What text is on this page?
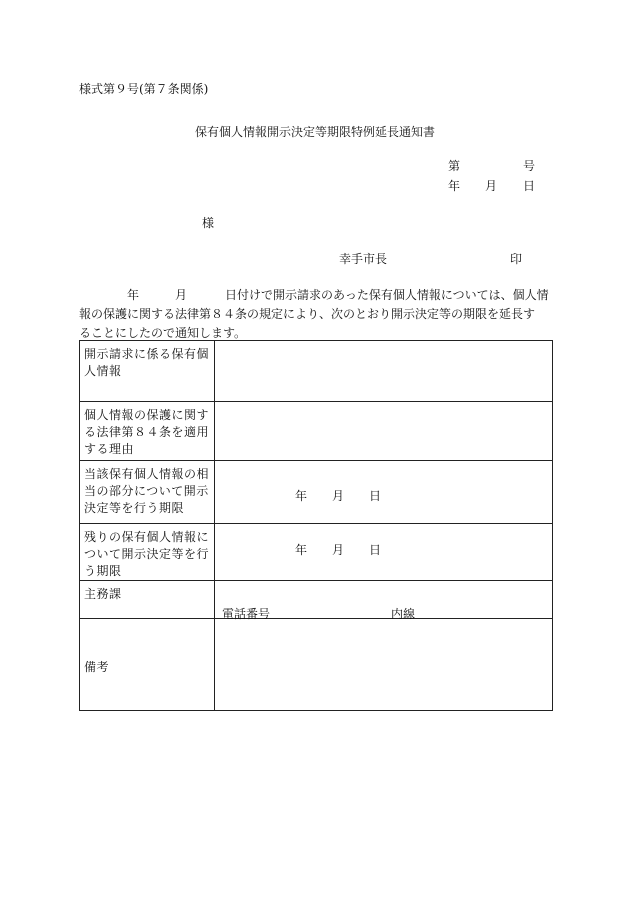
様式第９号(第７条関係)
保有個人情報開示決定等期限特例延長通知書
第	号
年 月 日
様
幸手市長	印
年	月	日付けで開示請求のあった保有個人情報については、個人情
報の保護に関する法律第８４条の規定により、次のとおり開示決定等の期限を延長す
ることにしたので通知します。
開示請求に係る保有個人情報	
個人情報の保護に関する法律第８４条を適用する理由	
当該保有個人情報の相当の部分について開示決定等を行う期限	年 月 日

残りの保有個人情報について開示決定等を行う期限	年 月 日

主務課	電話番号 内線

備考	
